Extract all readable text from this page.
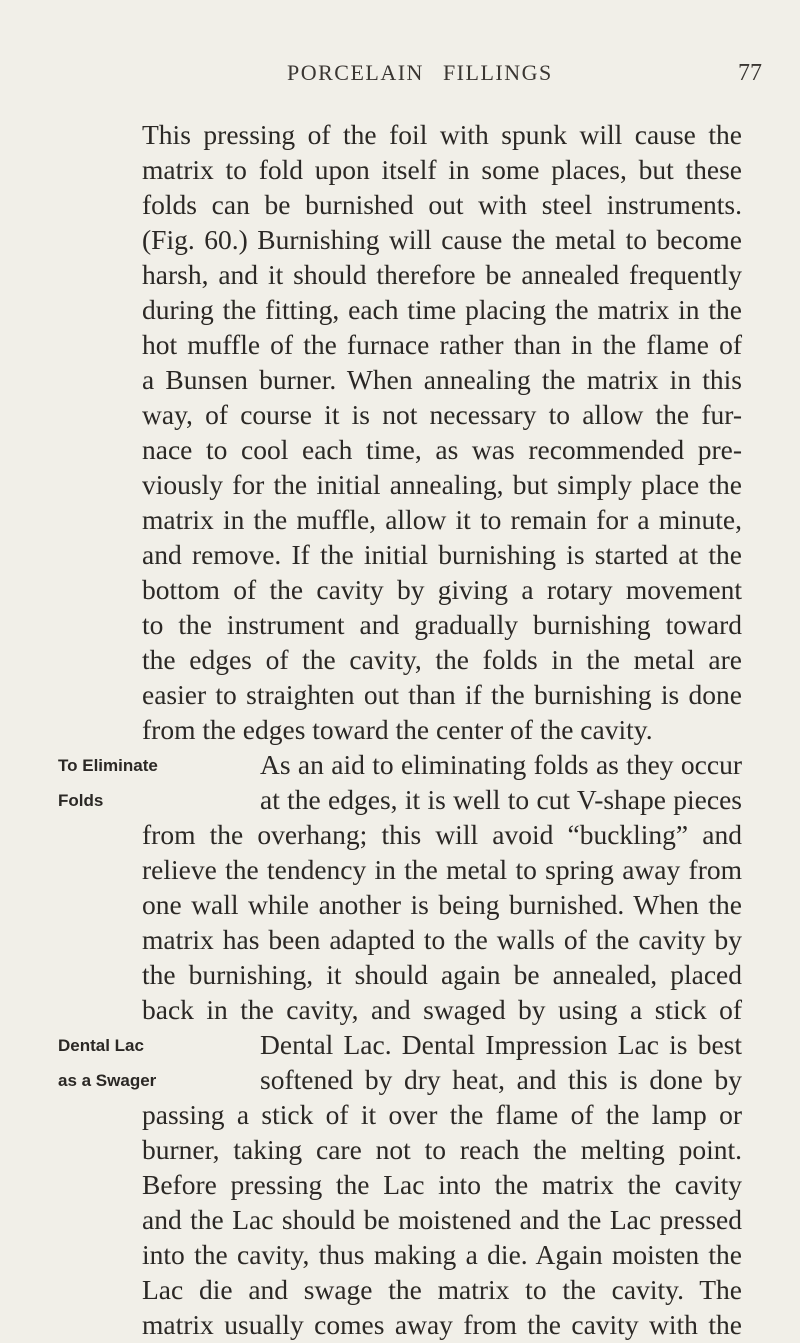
PORCELAIN FILLINGS	77
This pressing of the foil with spunk will cause the
matrix to fold upon itself in some places, but these
folds can be burnished out with steel instruments.
(Fig. 60.) Burnishing will cause the metal to become
harsh, and it should therefore be annealed frequently
during the fitting, each time placing the matrix in the
hot muffle of the furnace rather than in the flame of
a Bunsen burner. When annealing the matrix in this
way, of course it is not necessary to allow the fur-
nace to cool each time, as was recommended pre-
viously for the initial annealing, but simply place the
matrix in the muffle, allow it to remain for a minute,
and remove. If the initial burnishing is started at the
bottom of the cavity by giving a rotary movement
to the instrument and gradually burnishing toward
the edges of the cavity, the folds in the metal are
easier to straighten out than if the burnishing is done
from the edges toward the center of the cavity.
To Eliminate	As an aid to eliminating folds as they occur
Folds	at the edges, it is well to cut V-shape pieces
from the overhang; this will avoid “buckling” and
relieve the tendency in the metal to spring away from
one wall while another is being burnished. When the
matrix has been adapted to the walls of the cavity by
the burnishing, it should again be annealed, placed
back in the cavity, and swaged by using a stick of
Dental Lac	Dental Lac. Dental Impression Lac is best
as a Swager	softened by dry heat, and this is done by
passing a stick of it over the flame of the lamp or
burner, taking care not to reach the melting point.
Before pressing the Lac into the matrix the cavity
and the Lac should be moistened and the Lac pressed
into the cavity, thus making a die. Again moisten the
Lac die and swage the matrix to the cavity. The
matrix usually comes away from the cavity with the
